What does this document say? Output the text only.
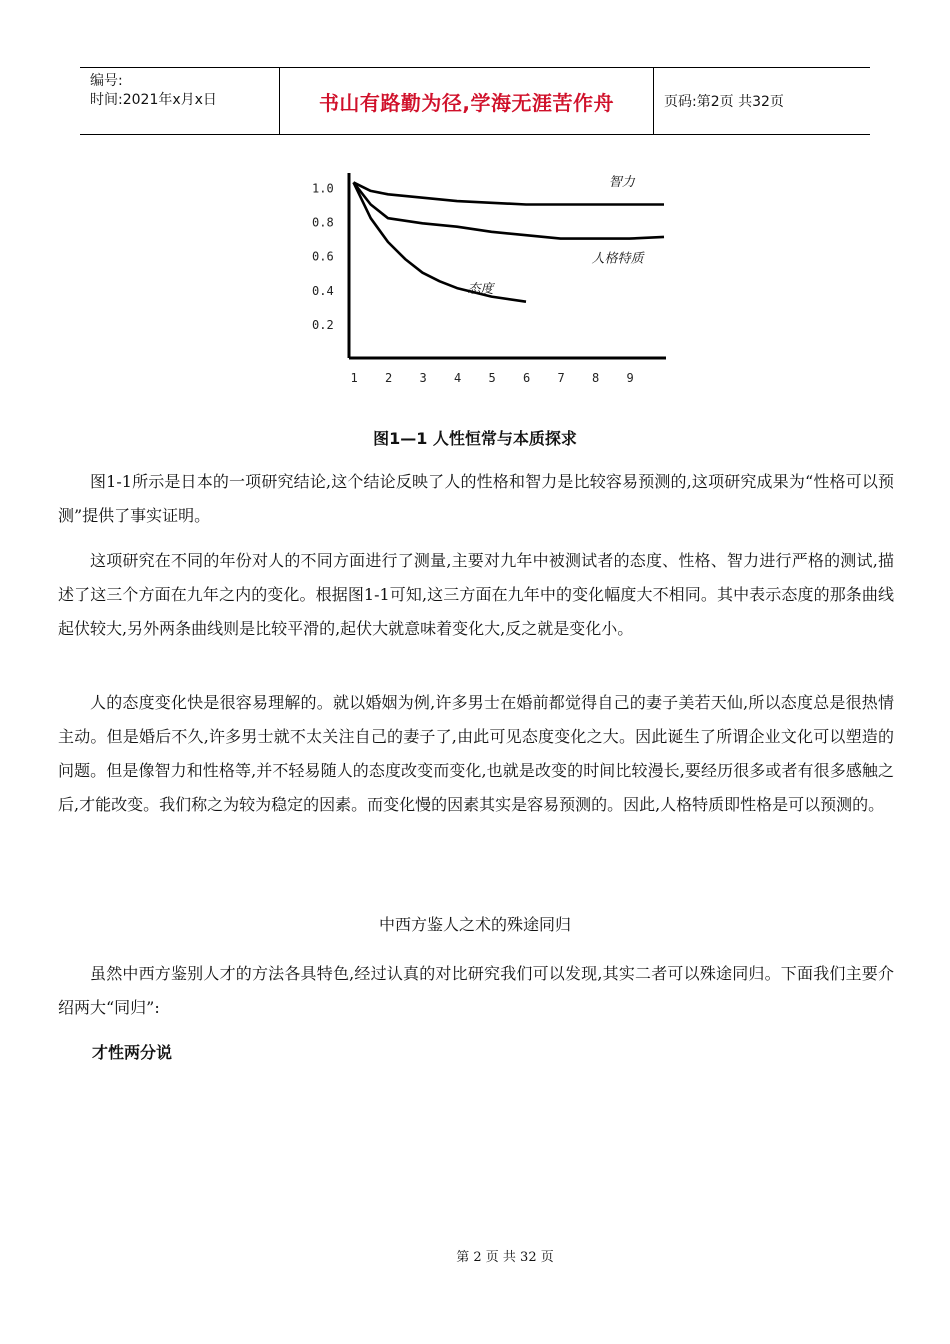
编号:
时间:2021年x月x日	书山有路勤为径,学海无涯苦作舟	页码:第2页 共32页
1.0
0.8
0.6
0.4
0.2
1 2 3 4 5 6 7 8 9
智力
人格特质
态度
图1—1 人性恒常与本质探求

图1-1所示是日本的一项研究结论,这个结论反映了人的性格和智力是比较容易预测的,这项研究成果为“性格可以预测”提供了事实证明。

这项研究在不同的年份对人的不同方面进行了测量,主要对九年中被测试者的态度、性格、智力进行严格的测试,描述了这三个方面在九年之内的变化。根据图1-1可知,这三方面在九年中的变化幅度大不相同。其中表示态度的那条曲线起伏较大,另外两条曲线则是比较平滑的,起伏大就意味着变化大,反之就是变化小。

人的态度变化快是很容易理解的。就以婚姻为例,许多男士在婚前都觉得自己的妻子美若天仙,所以态度总是很热情主动。但是婚后不久,许多男士就不太关注自己的妻子了,由此可见态度变化之大。因此诞生了所谓企业文化可以塑造的问题。但是像智力和性格等,并不轻易随人的态度改变而变化,也就是改变的时间比较漫长,要经历很多或者有很多感触之后,才能改变。我们称之为较为稳定的因素。而变化慢的因素其实是容易预测的。因此,人格特质即性格是可以预测的。

中西方鉴人之术的殊途同归

虽然中西方鉴别人才的方法各具特色,经过认真的对比研究我们可以发现,其实二者可以殊途同归。下面我们主要介绍两大“同归”:

才性两分说
第 2 页 共 32 页
